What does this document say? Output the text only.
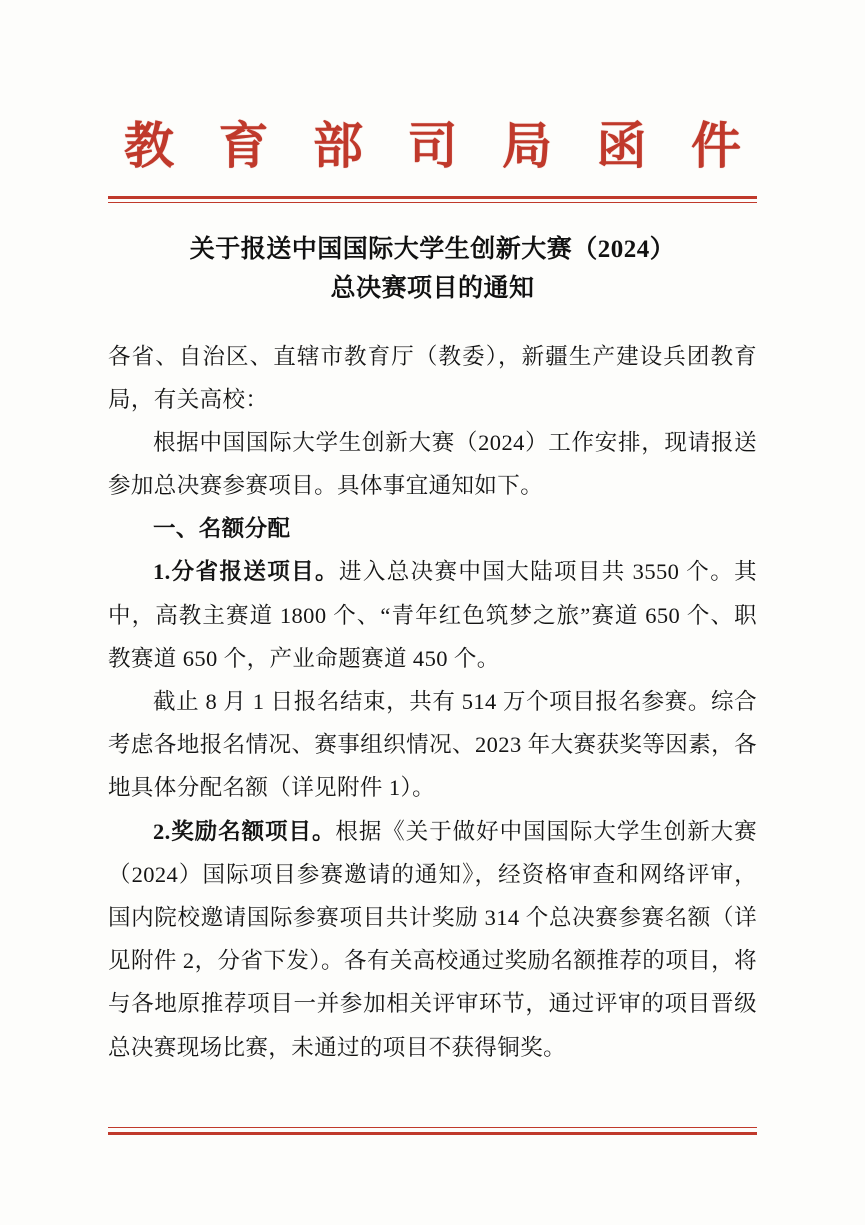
教 育 部 司 局 函 件
关于报送中国国际大学生创新大赛（2024）
总决赛项目的通知

各省、自治区、直辖市教育厅（教委），新疆生产建设兵团教育局，有关高校：

根据中国国际大学生创新大赛（2024）工作安排，现请报送参加总决赛参赛项目。具体事宜通知如下。

一、名额分配

1.分省报送项目。进入总决赛中国大陆项目共 3550 个。其中，高教主赛道 1800 个、“青年红色筑梦之旅”赛道 650 个、职教赛道 650 个，产业命题赛道 450 个。

截止 8 月 1 日报名结束，共有 514 万个项目报名参赛。综合考虑各地报名情况、赛事组织情况、2023 年大赛获奖等因素，各地具体分配名额（详见附件 1）。

2.奖励名额项目。根据《关于做好中国国际大学生创新大赛（2024）国际项目参赛邀请的通知》，经资格审查和网络评审，国内院校邀请国际参赛项目共计奖励 314 个总决赛参赛名额（详见附件 2，分省下发）。各有关高校通过奖励名额推荐的项目，将与各地原推荐项目一并参加相关评审环节，通过评审的项目晋级总决赛现场比赛，未通过的项目不获得铜奖。
